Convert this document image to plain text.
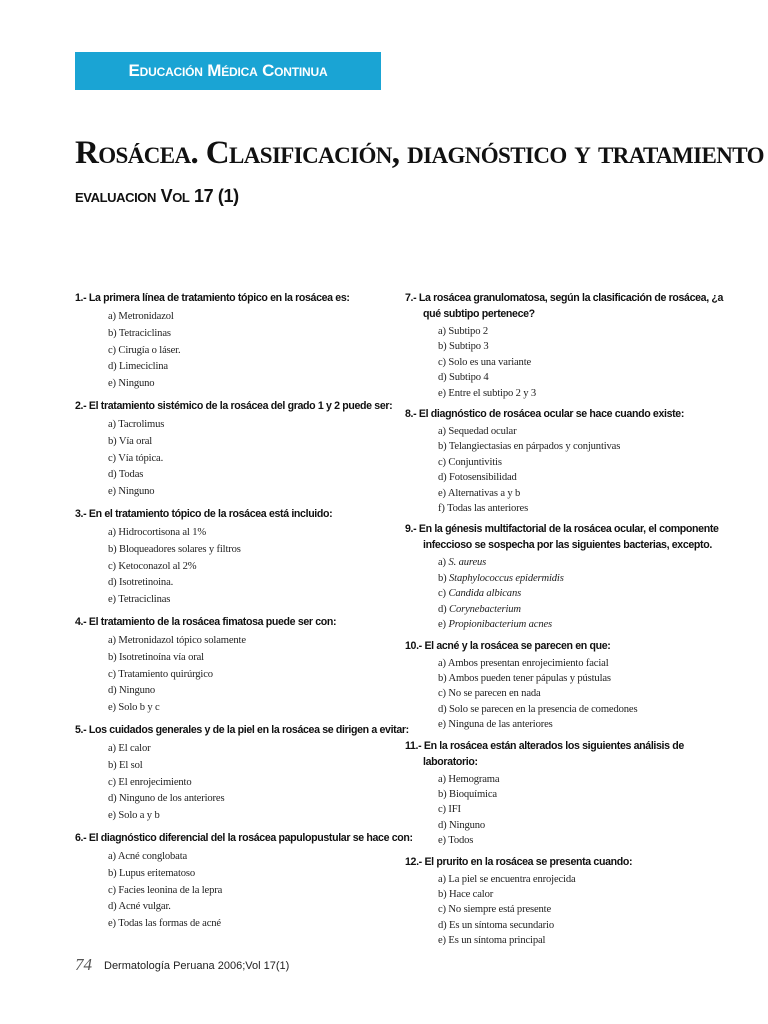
Educación Médica Continua
Rosácea. Clasificación, diagnóstico y tratamiento
evaluacion Vol 17 (1)

1.- La primera línea de tratamiento tópico en la rosácea es:

a) Metronidazol
b) Tetraciclinas
c) Cirugía o láser.
d) Limeciclina
e) Ninguno

2.- El tratamiento sistémico de la rosácea del grado 1 y 2 puede ser:

a) Tacrolimus
b) Vía oral
c) Vía tópica.
d) Todas
e) Ninguno

3.- En el tratamiento tópico de la rosácea está incluido:

a) Hidrocortisona al 1%
b) Bloqueadores solares y filtros
c) Ketoconazol al 2%
d) Isotretinoina.
e) Tetraciclinas

4.- El tratamiento de la rosácea fimatosa puede ser con:

a) Metronidazol tópico solamente
b) Isotretinoína vía oral
c) Tratamiento quirúrgico
d) Ninguno
e) Solo b y c

5.- Los cuidados generales y de la piel en la rosácea se dirigen a evitar:

a) El calor
b) El sol
c) El enrojecimiento
d) Ninguno de los anteriores
e) Solo a y b

6.- El diagnóstico diferencial del la rosácea papulopustular se hace con:

a) Acné conglobata
b) Lupus eritematoso
c) Facies leonina de la lepra
d) Acné vulgar.
e) Todas las formas de acné

7.- La rosácea granulomatosa, según la clasificación de rosácea, ¿a qué subtipo pertenece?

a) Subtipo 2
b) Subtipo 3
c) Solo es una variante
d) Subtipo 4
e) Entre el subtipo 2 y 3

8.- El diagnóstico de rosácea ocular se hace cuando existe:

a) Sequedad ocular
b) Telangiectasias en párpados y conjuntivas
c) Conjuntivitis
d) Fotosensibilidad
e) Alternativas a y b
f) Todas las anteriores

9.- En la génesis multifactorial de la rosácea ocular, el componente infeccioso se sospecha por las siguientes bacterias, excepto.

a) S. aureus
b) Staphylococcus epidermidis
c) Candida albicans
d) Corynebacterium
e) Propionibacterium acnes

10.- El acné y la rosácea se parecen en que:

a) Ambos presentan enrojecimiento facial
b) Ambos pueden tener pápulas y pústulas
c) No se parecen en nada
d) Solo se parecen en la presencia de comedones
e) Ninguna de las anteriores

11.- En la rosácea están alterados los siguientes análisis de laboratorio:

a) Hemograma
b) Bioquímica
c) IFI
d) Ninguno
e) Todos

12.- El prurito en la rosácea se presenta cuando:

a) La piel se encuentra enrojecida
b) Hace calor
c) No siempre está presente
d) Es un síntoma secundario
e) Es un síntoma principal
74 Dermatología Peruana 2006;Vol 17(1)
